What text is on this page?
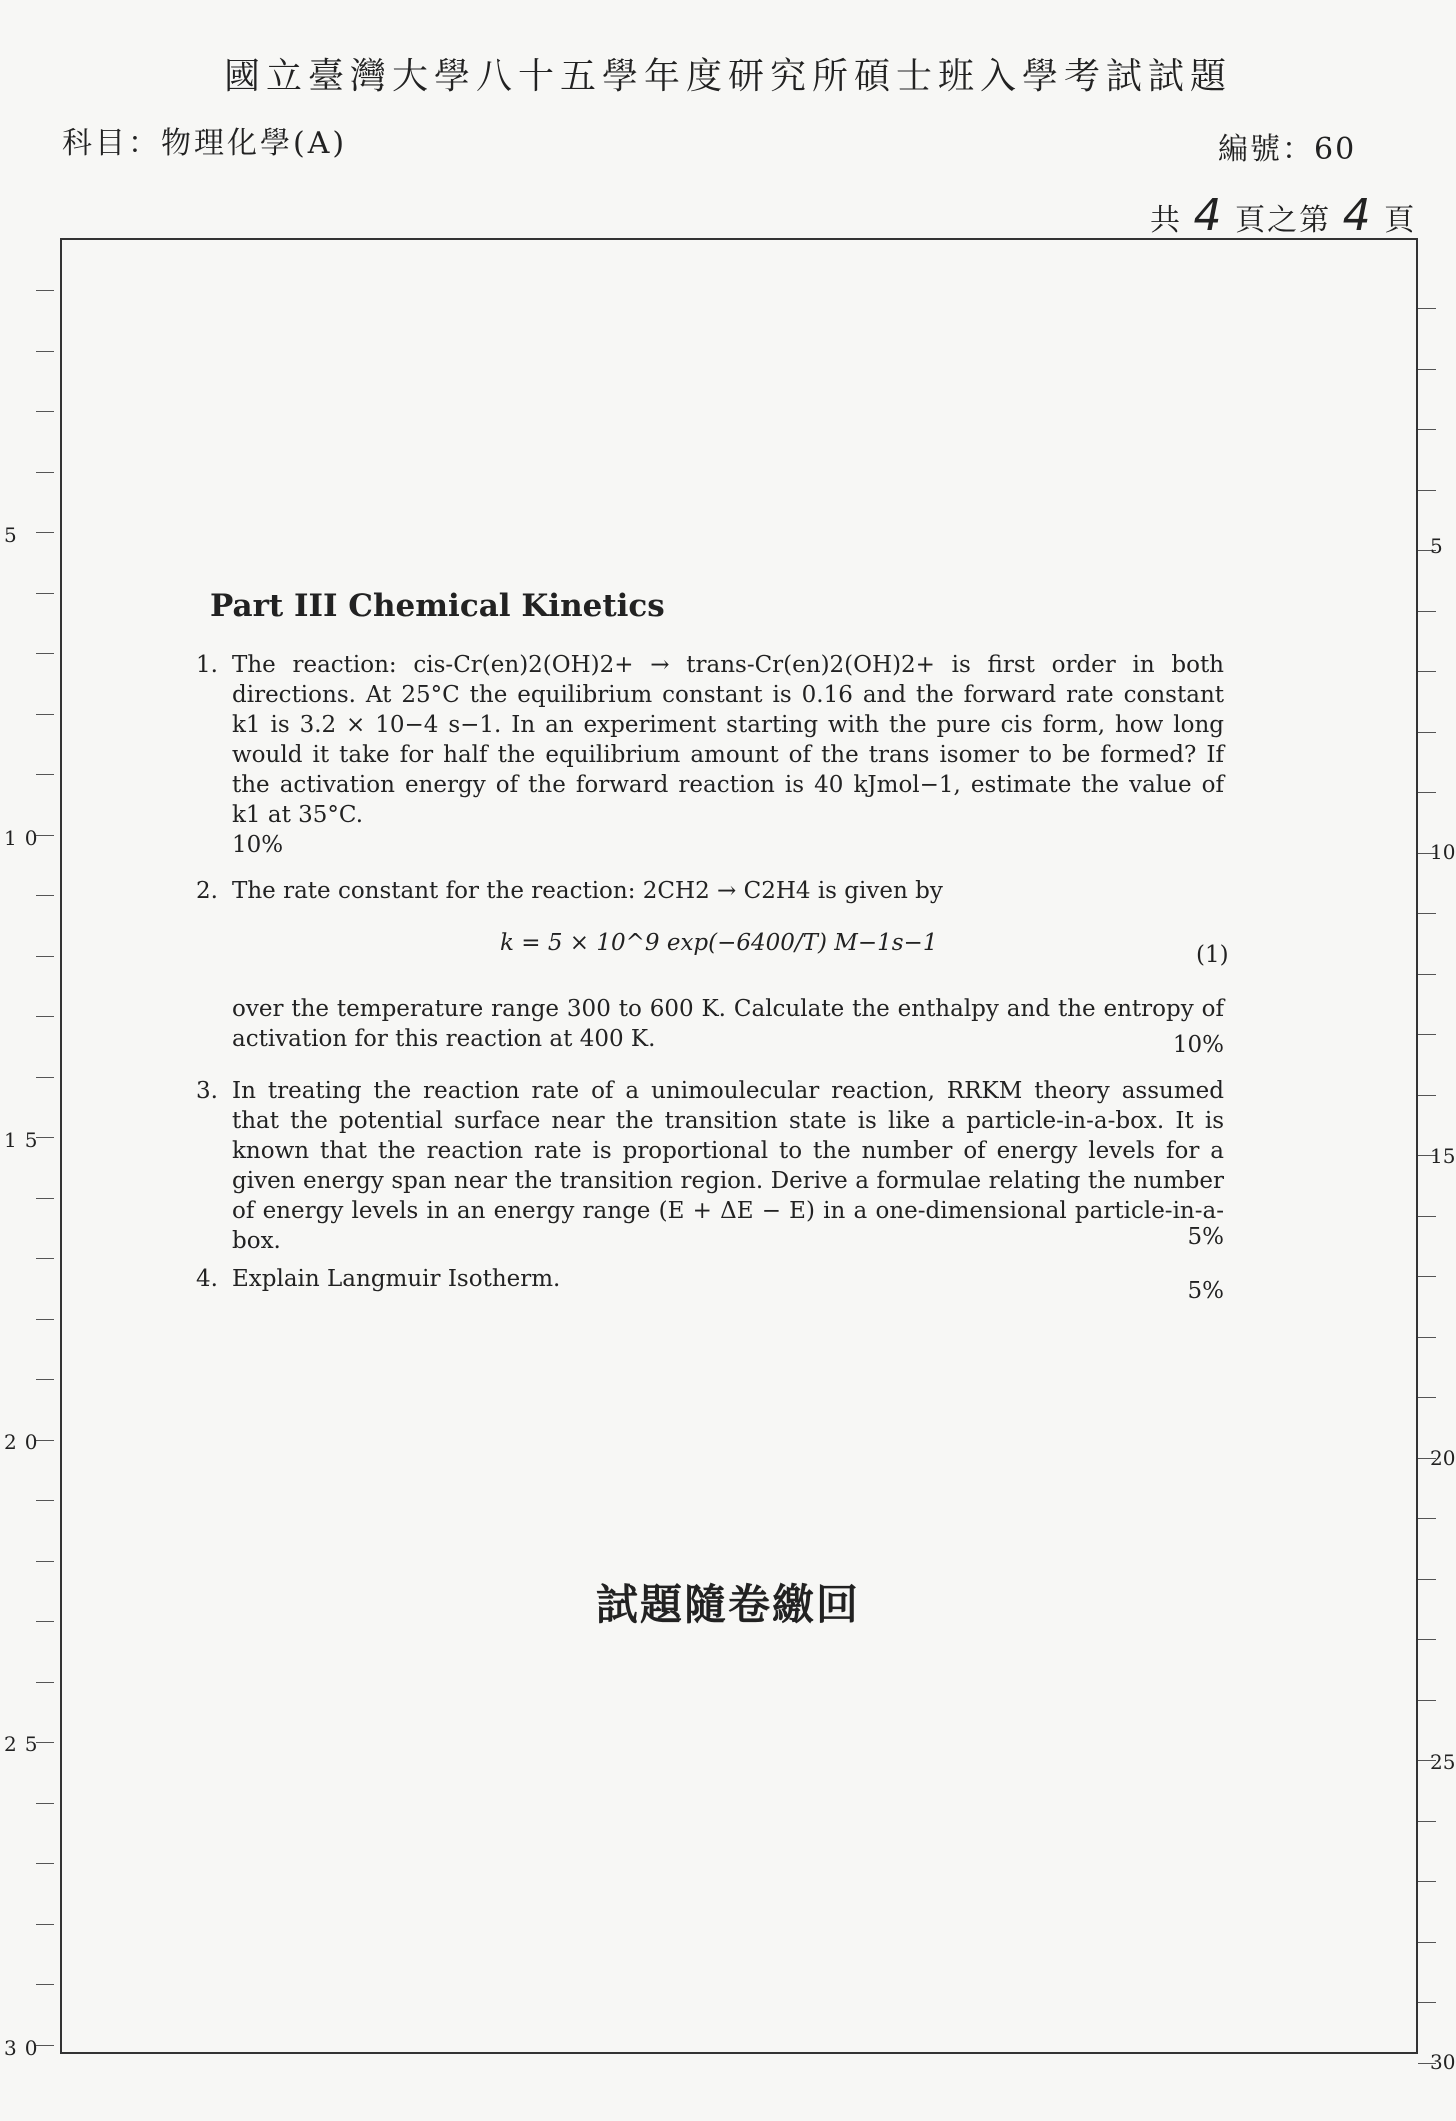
國立臺灣大學八十五學年度研究所碩士班入學考試試題
科目：物理化學(A)	編號：60
共 4 頁之第 4 頁
5
10
15
20
25
30
5
10
15
20
25
30
Part III Chemical Kinetics
1. The reaction: cis-Cr(en)2(OH)2+ → trans-Cr(en)2(OH)2+ is first order in both directions. At 25°C the equilibrium constant is 0.16 and the forward rate constant k1 is 3.2 × 10−4 s−1. In an experiment starting with the pure cis form, how long would it take for half the equilibrium amount of the trans isomer to be formed? If the activation energy of the forward reaction is 40 kJmol−1, estimate the value of k1 at 35°C.
10%
2. The rate constant for the reaction: 2CH2 → C2H4 is given by
k = 5 × 10^9 exp(−6400/T) M−1s−1	(1)
over the temperature range 300 to 600 K. Calculate the enthalpy and the entropy of activation for this reaction at 400 K.	10%
3. In treating the reaction rate of a unimoulecular reaction, RRKM theory assumed that the potential surface near the transition state is like a particle-in-a-box. It is known that the reaction rate is proportional to the number of energy levels for a given energy span near the transition region. Derive a formulae relating the number of energy levels in an energy range (E + ΔE − E) in a one-dimensional particle-in-a-box.	5%
4. Explain Langmuir Isotherm.	5%
試題隨卷繳回
